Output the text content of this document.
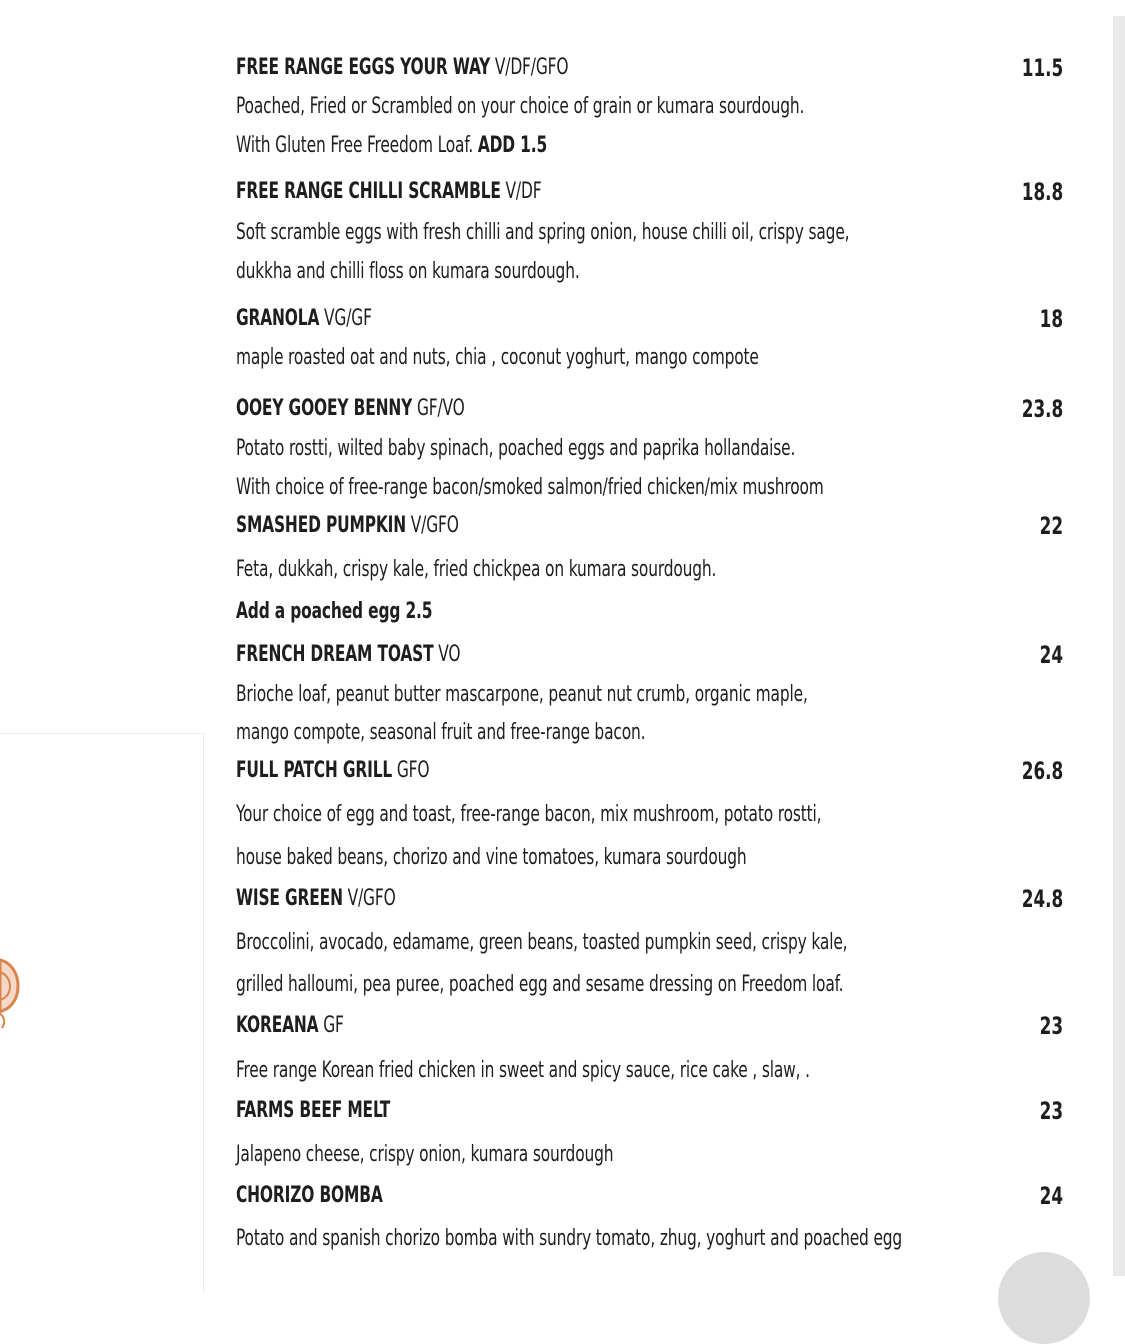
FREE RANGE EGGS YOUR WAY V/DF/GFO	11.5
Poached, Fried or Scrambled on your choice of grain or kumara sourdough.
With Gluten Free Freedom Loaf. ADD 1.5
FREE RANGE CHILLI SCRAMBLE V/DF	18.8
Soft scramble eggs with fresh chilli and spring onion, house chilli oil, crispy sage,
dukkha and chilli floss on kumara sourdough.
GRANOLA VG/GF	18
maple roasted oat and nuts, chia , coconut yoghurt, mango compote
OOEY GOOEY BENNY GF/VO	23.8
Potato rostti, wilted baby spinach, poached eggs and paprika hollandaise.
With choice of free-range bacon/smoked salmon/fried chicken/mix mushroom
SMASHED PUMPKIN V/GFO	22
Feta, dukkah, crispy kale, fried chickpea on kumara sourdough.
Add a poached egg 2.5
FRENCH DREAM TOAST VO	24
Brioche loaf, peanut butter mascarpone, peanut nut crumb, organic maple,
mango compote, seasonal fruit and free-range bacon.
FULL PATCH GRILL GFO	26.8
Your choice of egg and toast, free-range bacon, mix mushroom, potato rostti,
house baked beans, chorizo and vine tomatoes, kumara sourdough
WISE GREEN V/GFO	24.8
Broccolini, avocado, edamame, green beans, toasted pumpkin seed, crispy kale,
grilled halloumi, pea puree, poached egg and sesame dressing on Freedom loaf.
KOREANA GF	23
Free range Korean fried chicken in sweet and spicy sauce, rice cake , slaw, .
FARMS BEEF MELT	23
Jalapeno cheese, crispy onion, kumara sourdough
CHORIZO BOMBA	24
Potato and spanish chorizo bomba with sundry tomato, zhug, yoghurt and poached egg
